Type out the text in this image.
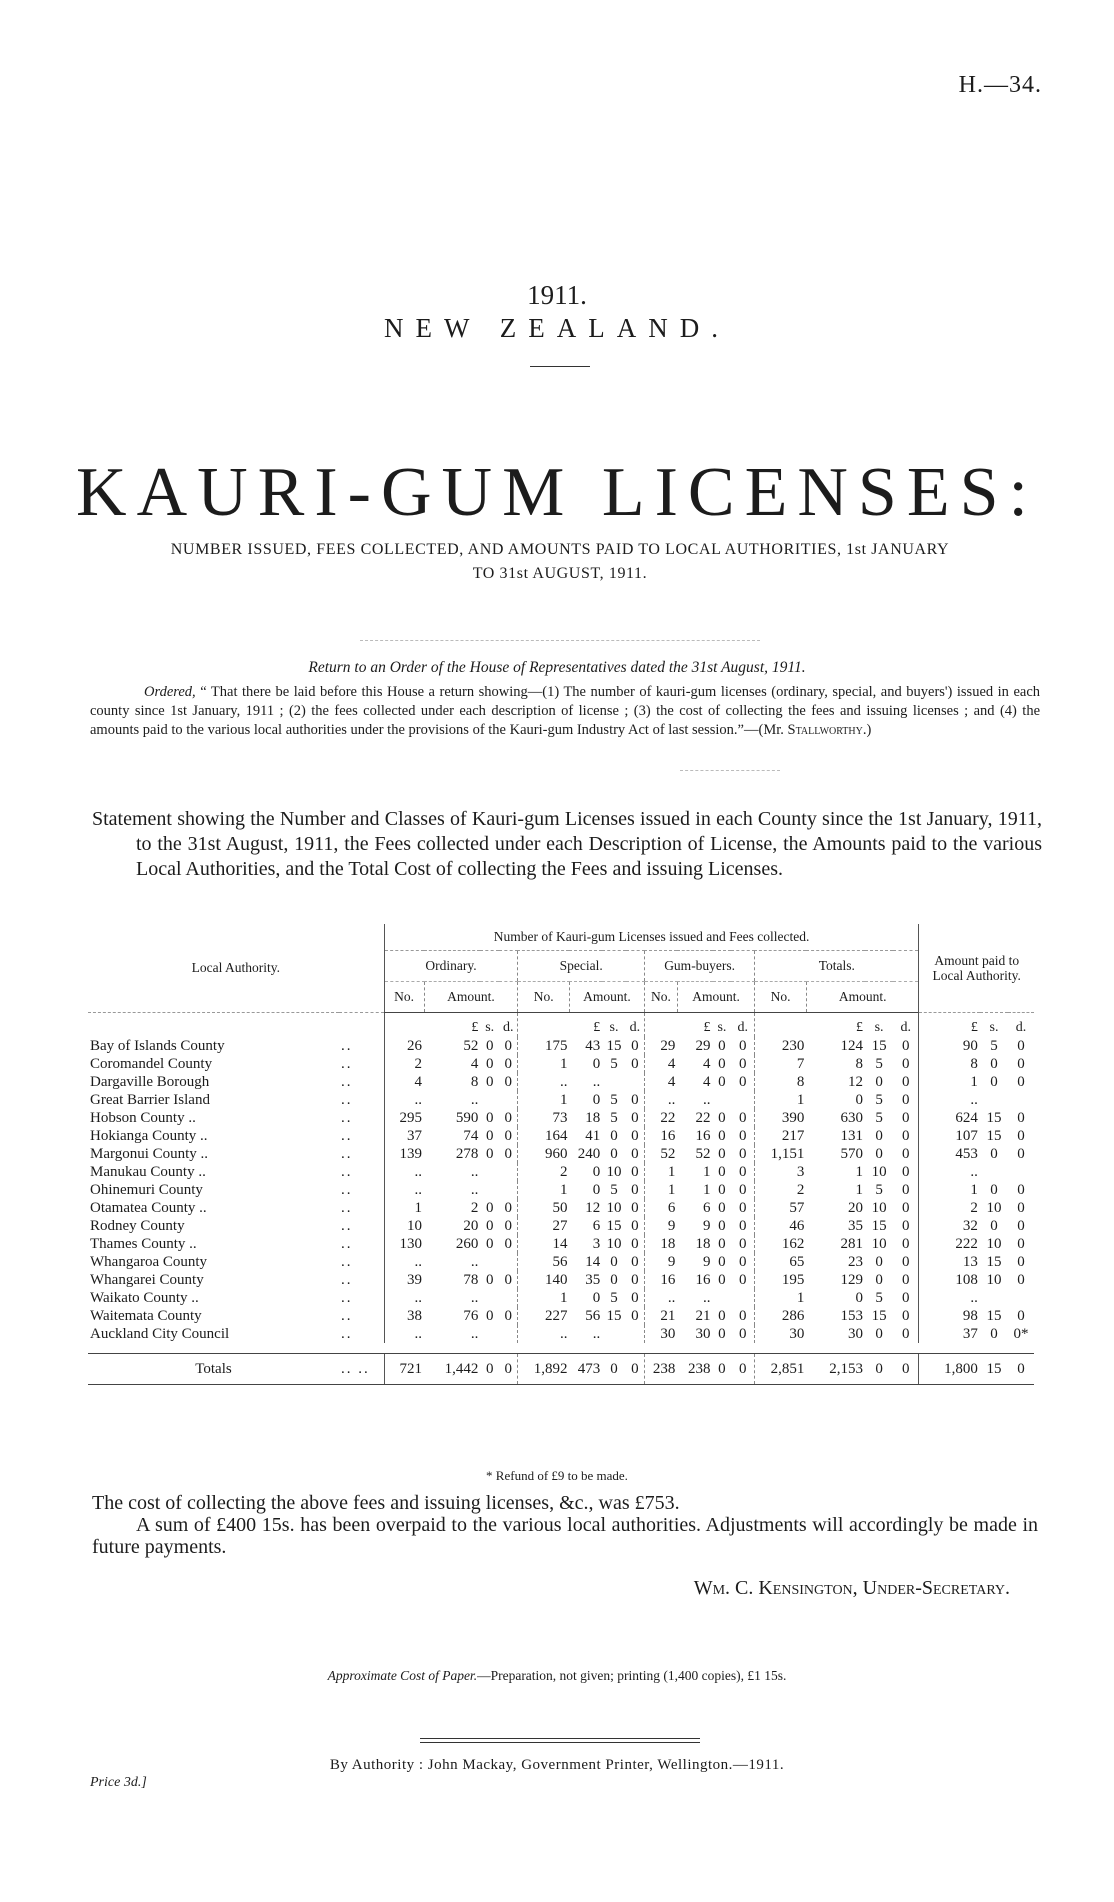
H.—34.
1911.
NEW ZEALAND.
KAURI-GUM LICENSES:
NUMBER ISSUED, FEES COLLECTED, AND AMOUNTS PAID TO LOCAL AUTHORITIES, 1st JANUARY
TO 31st AUGUST, 1911.
Return to an Order of the House of Representatives dated the 31st August, 1911.
Ordered, “ That there be laid before this House a return showing—(1) The number of kauri-gum licenses (ordinary, special, and buyers') issued in each county since 1st January, 1911 ; (2) the fees collected under each description of license ; (3) the cost of collecting the fees and issuing licenses ; and (4) the amounts paid to the various local authorities under the provisions of the Kauri-gum Industry Act of last session.”—(Mr. Stallworthy.)

Statement showing the Number and Classes of Kauri-gum Licenses issued in each County since the 1st January, 1911, to the 31st August, 1911, the Fees collected under each Description of License, the Amounts paid to the various Local Authorities, and the Total Cost of collecting the Fees and issuing Licenses.

Local Authority.		Number of Kauri-gum Licenses issued and Fees collected.																Amount paid to Local Authority.		
		Ordinary.				Special.				Gum-buyers.				Totals.						
		No.	Amount.			No.	Amount.			No.	Amount.			No.	Amount.					
			£	s.	d.		£	s.	d.		£	s.	d.		£	s.	d.	£	s.	d.
Bay of Islands County	..	26	52	0	0	175	43	15	0	29	29	0	0	230	124	15	0	90	5	0
Coromandel County	..	2	4	0	0	1	0	5	0	4	4	0	0	7	8	5	0	8	0	0
Dargaville Borough	..	4	8	0	0	..	..			4	4	0	0	8	12	0	0	1	0	0
Great Barrier Island	..	..	..			1	0	5	0	..	..			1	0	5	0	..		
Hobson County ..	..	295	590	0	0	73	18	5	0	22	22	0	0	390	630	5	0	624	15	0
Hokianga County ..	..	37	74	0	0	164	41	0	0	16	16	0	0	217	131	0	0	107	15	0
Margonui County ..	..	139	278	0	0	960	240	0	0	52	52	0	0	1,151	570	0	0	453	0	0
Manukau County ..	..	..	..			2	0	10	0	1	1	0	0	3	1	10	0	..		
Ohinemuri County	..	..	..			1	0	5	0	1	1	0	0	2	1	5	0	1	0	0
Otamatea County ..	..	1	2	0	0	50	12	10	0	6	6	0	0	57	20	10	0	2	10	0
Rodney County	..	10	20	0	0	27	6	15	0	9	9	0	0	46	35	15	0	32	0	0
Thames County ..	..	130	260	0	0	14	3	10	0	18	18	0	0	162	281	10	0	222	10	0
Whangaroa County	..	..	..			56	14	0	0	9	9	0	0	65	23	0	0	13	15	0
Whangarei County	..	39	78	0	0	140	35	0	0	16	16	0	0	195	129	0	0	108	10	0
Waikato County ..	..	..	..			1	0	5	0	..	..			1	0	5	0	..		
Waitemata County	..	38	76	0	0	227	56	15	0	21	21	0	0	286	153	15	0	98	15	0
Auckland City Council	..	..	..			..	..			30	30	0	0	30	30	0	0	37	0	0*

Totals	.. ..	721	1,442	0	0	1,892	473	0	0	238	238	0	0	2,851	2,153	0	0	1,800	15	0
* Refund of £9 to be made.
The cost of collecting the above fees and issuing licenses, &c., was £753.
A sum of £400 15s. has been overpaid to the various local authorities. Adjustments will accordingly be made in future payments.
Wm. C. Kensington, Under-Secretary.
Approximate Cost of Paper.—Preparation, not given; printing (1,400 copies), £1 15s.
By Authority : John Mackay, Government Printer, Wellington.—1911.
Price 3d.]
